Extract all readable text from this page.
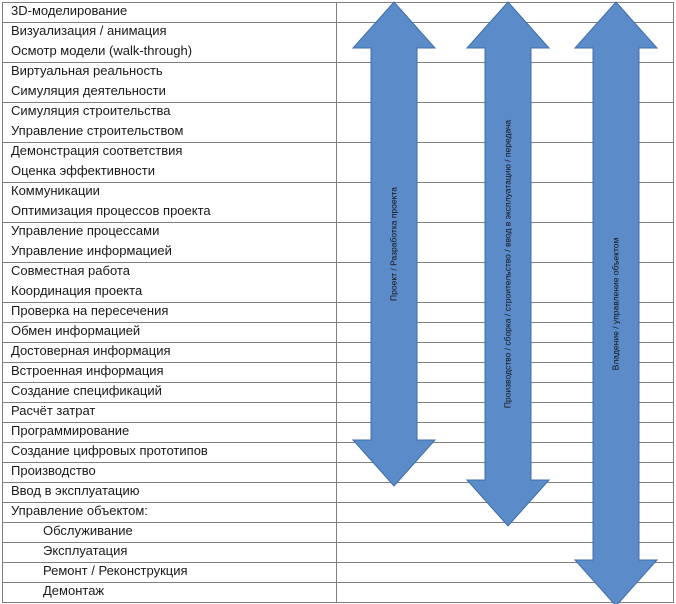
3D-моделирование
Визуализация / анимация
Осмотр модели (walk-through)
Виртуальная реальность
Симуляция деятельности
Симуляция строительства
Управление строительством
Демонстрация соответствия
Оценка эффективности
Коммуникации
Оптимизация процессов проекта
Управление процессами
Управление информацией
Совместная работа
Координация проекта
Проверка на пересечения
Обмен информацией
Достоверная информация
Встроенная информация
Создание спецификаций
Расчёт затрат
Программирование
Создание цифровых прототипов
Производство
Ввод в эксплуатацию
Управление объектом:
Обслуживание
Эксплуатация
Ремонт / Реконструкция
Демонтаж
Проект / Разработка проекта	Производство / сборка / строительство / ввод в эксплуатацию / передача	Владение / управление объектом
